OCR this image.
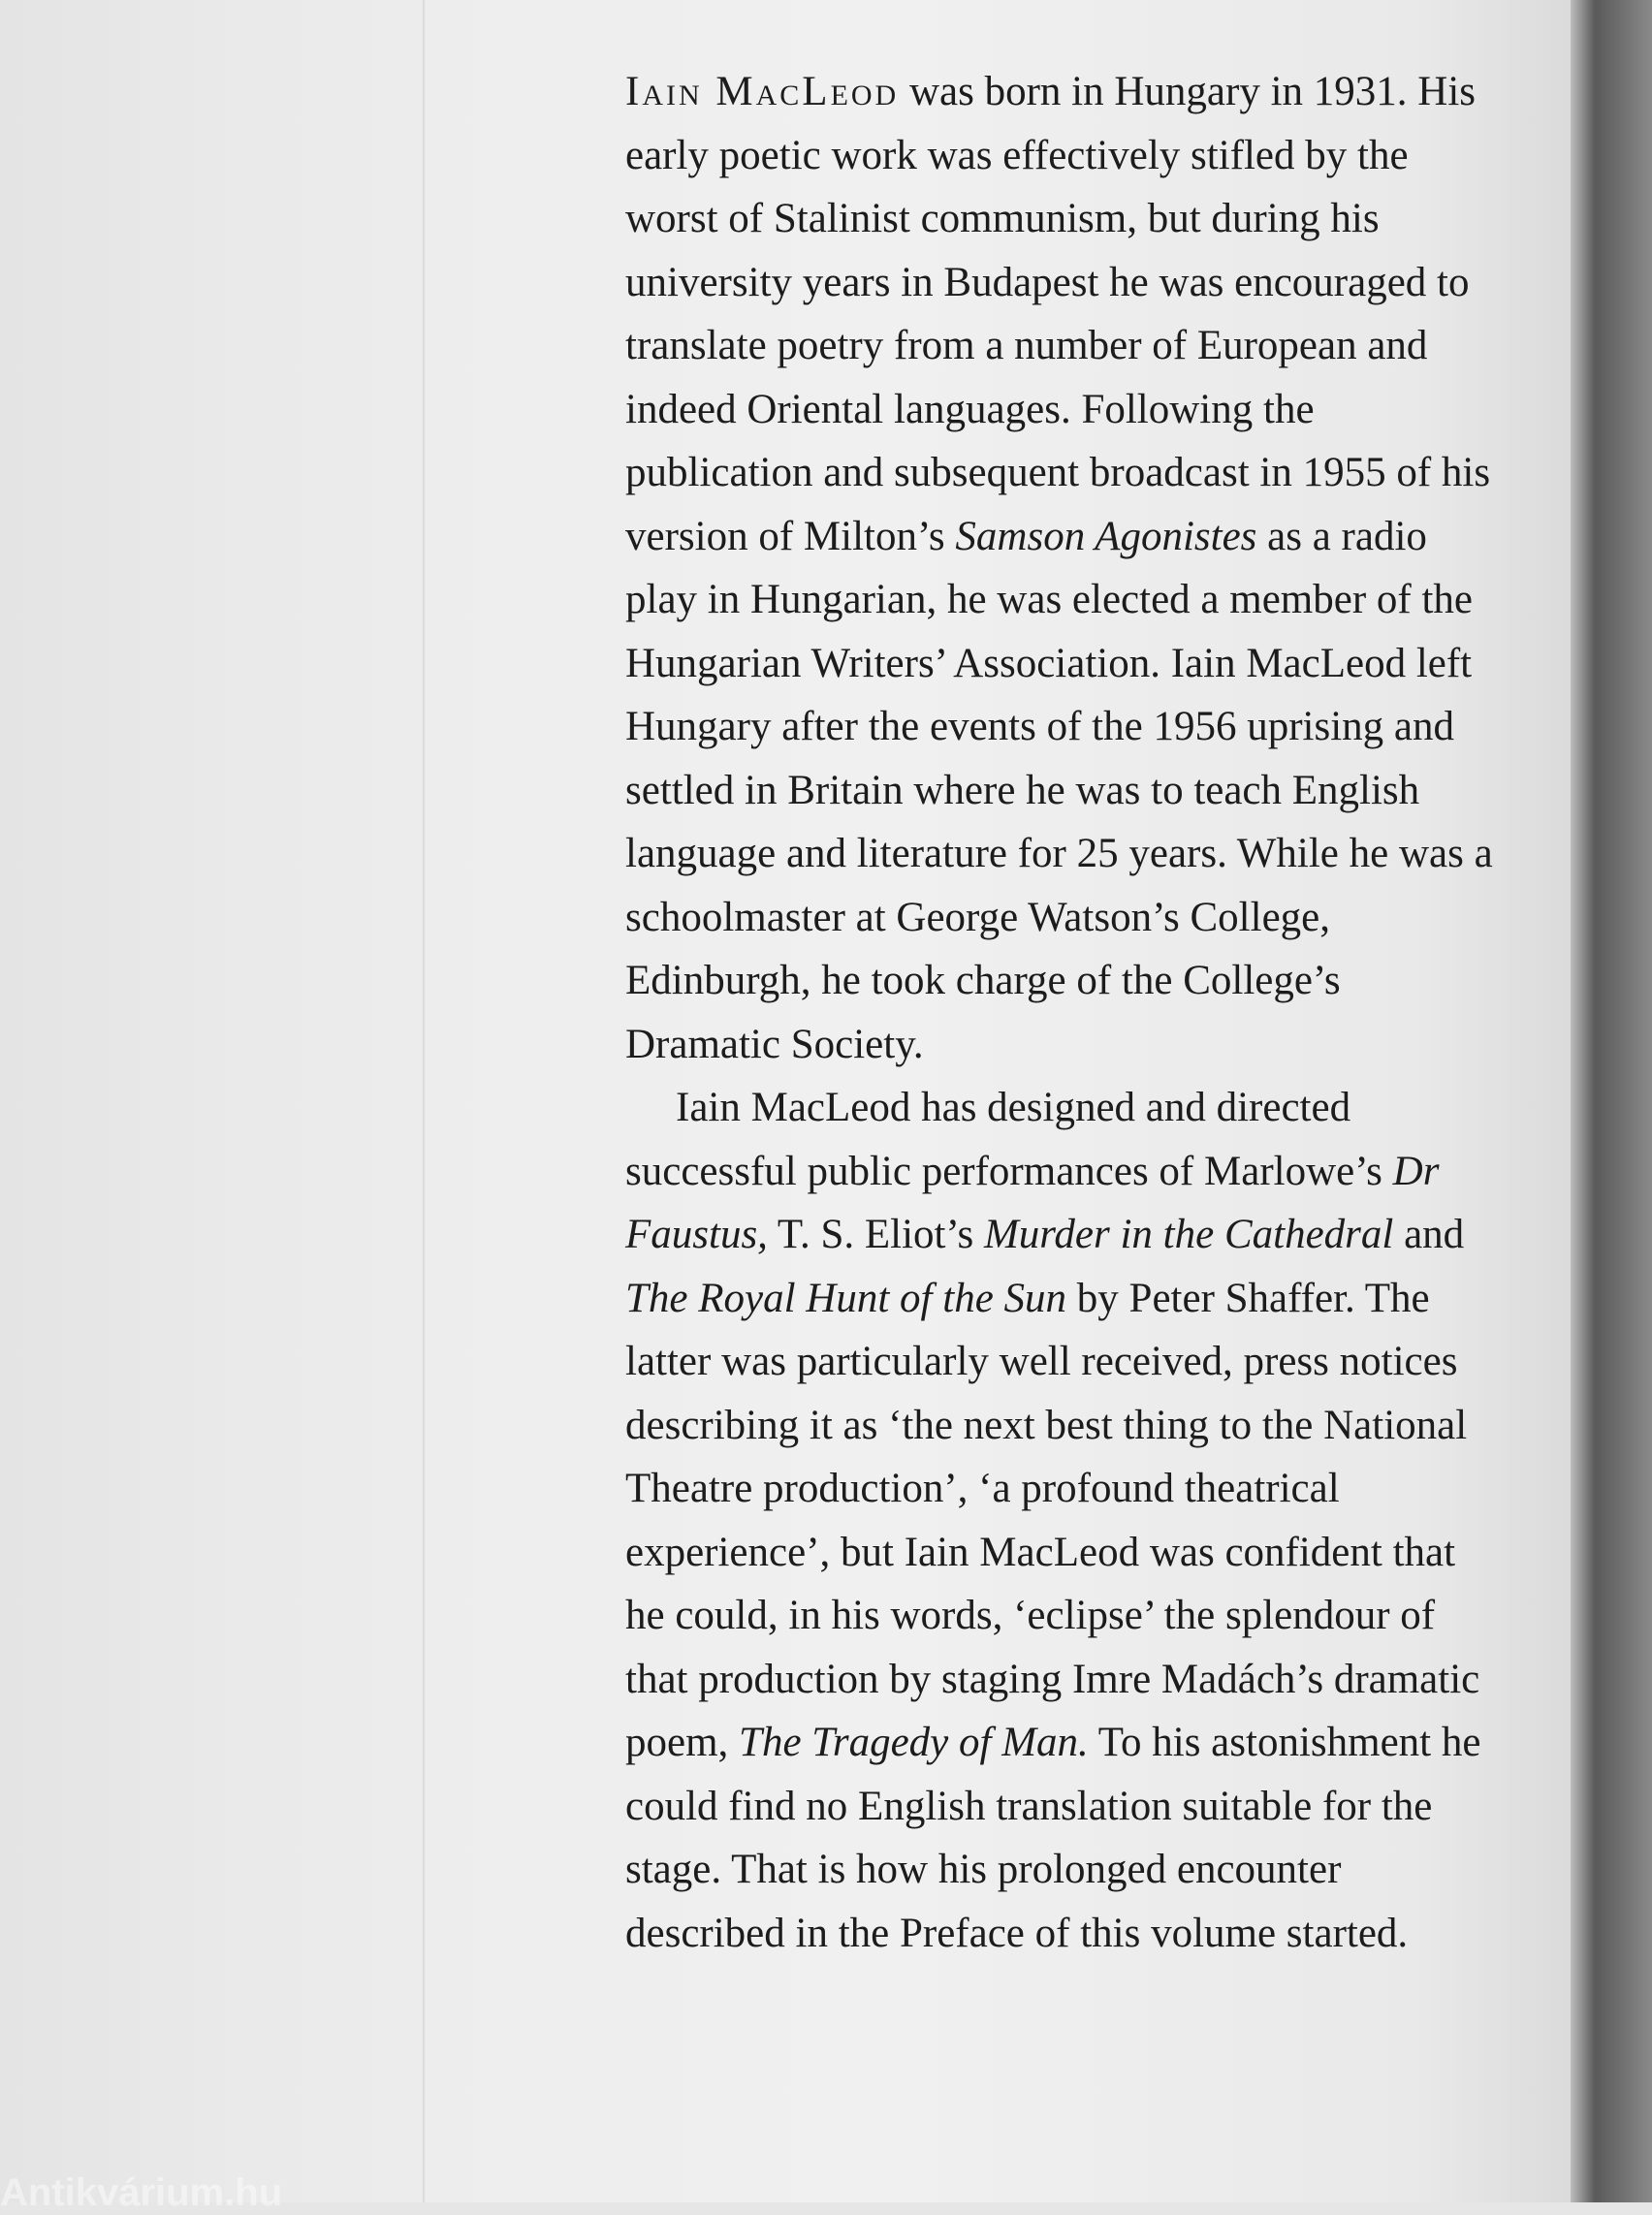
Iain MacLeod was born in Hungary in 1931. His early poetic work was effectively stifled by the worst of Stalinist communism, but during his university years in Budapest he was encouraged to translate poetry from a number of European and indeed Oriental languages. Following the publication and subsequent broadcast in 1955 of his version of Milton’s Samson Agonistes as a radio play in Hungarian, he was elected a member of the Hungarian Writers’ Association. Iain MacLeod left Hungary after the events of the 1956 uprising and settled in Britain where he was to teach English language and literature for 25 years. While he was a schoolmaster at George Watson’s College, Edinburgh, he took charge of the College’s Dramatic Society.

Iain MacLeod has designed and directed successful public performances of Marlowe’s Dr Faustus, T. S. Eliot’s Murder in the Cathedral and The Royal Hunt of the Sun by Peter Shaffer. The latter was particularly well received, press notices describing it as ‘the next best thing to the National Theatre production’, ‘a profound theatrical experience’, but Iain MacLeod was confident that he could, in his words, ‘eclipse’ the splendour of that production by staging Imre Madách’s dramatic poem, The Tragedy of Man. To his astonishment he could find no English translation suitable for the stage. That is how his prolonged encounter described in the Preface of this volume started.

Antikvárium.hu
